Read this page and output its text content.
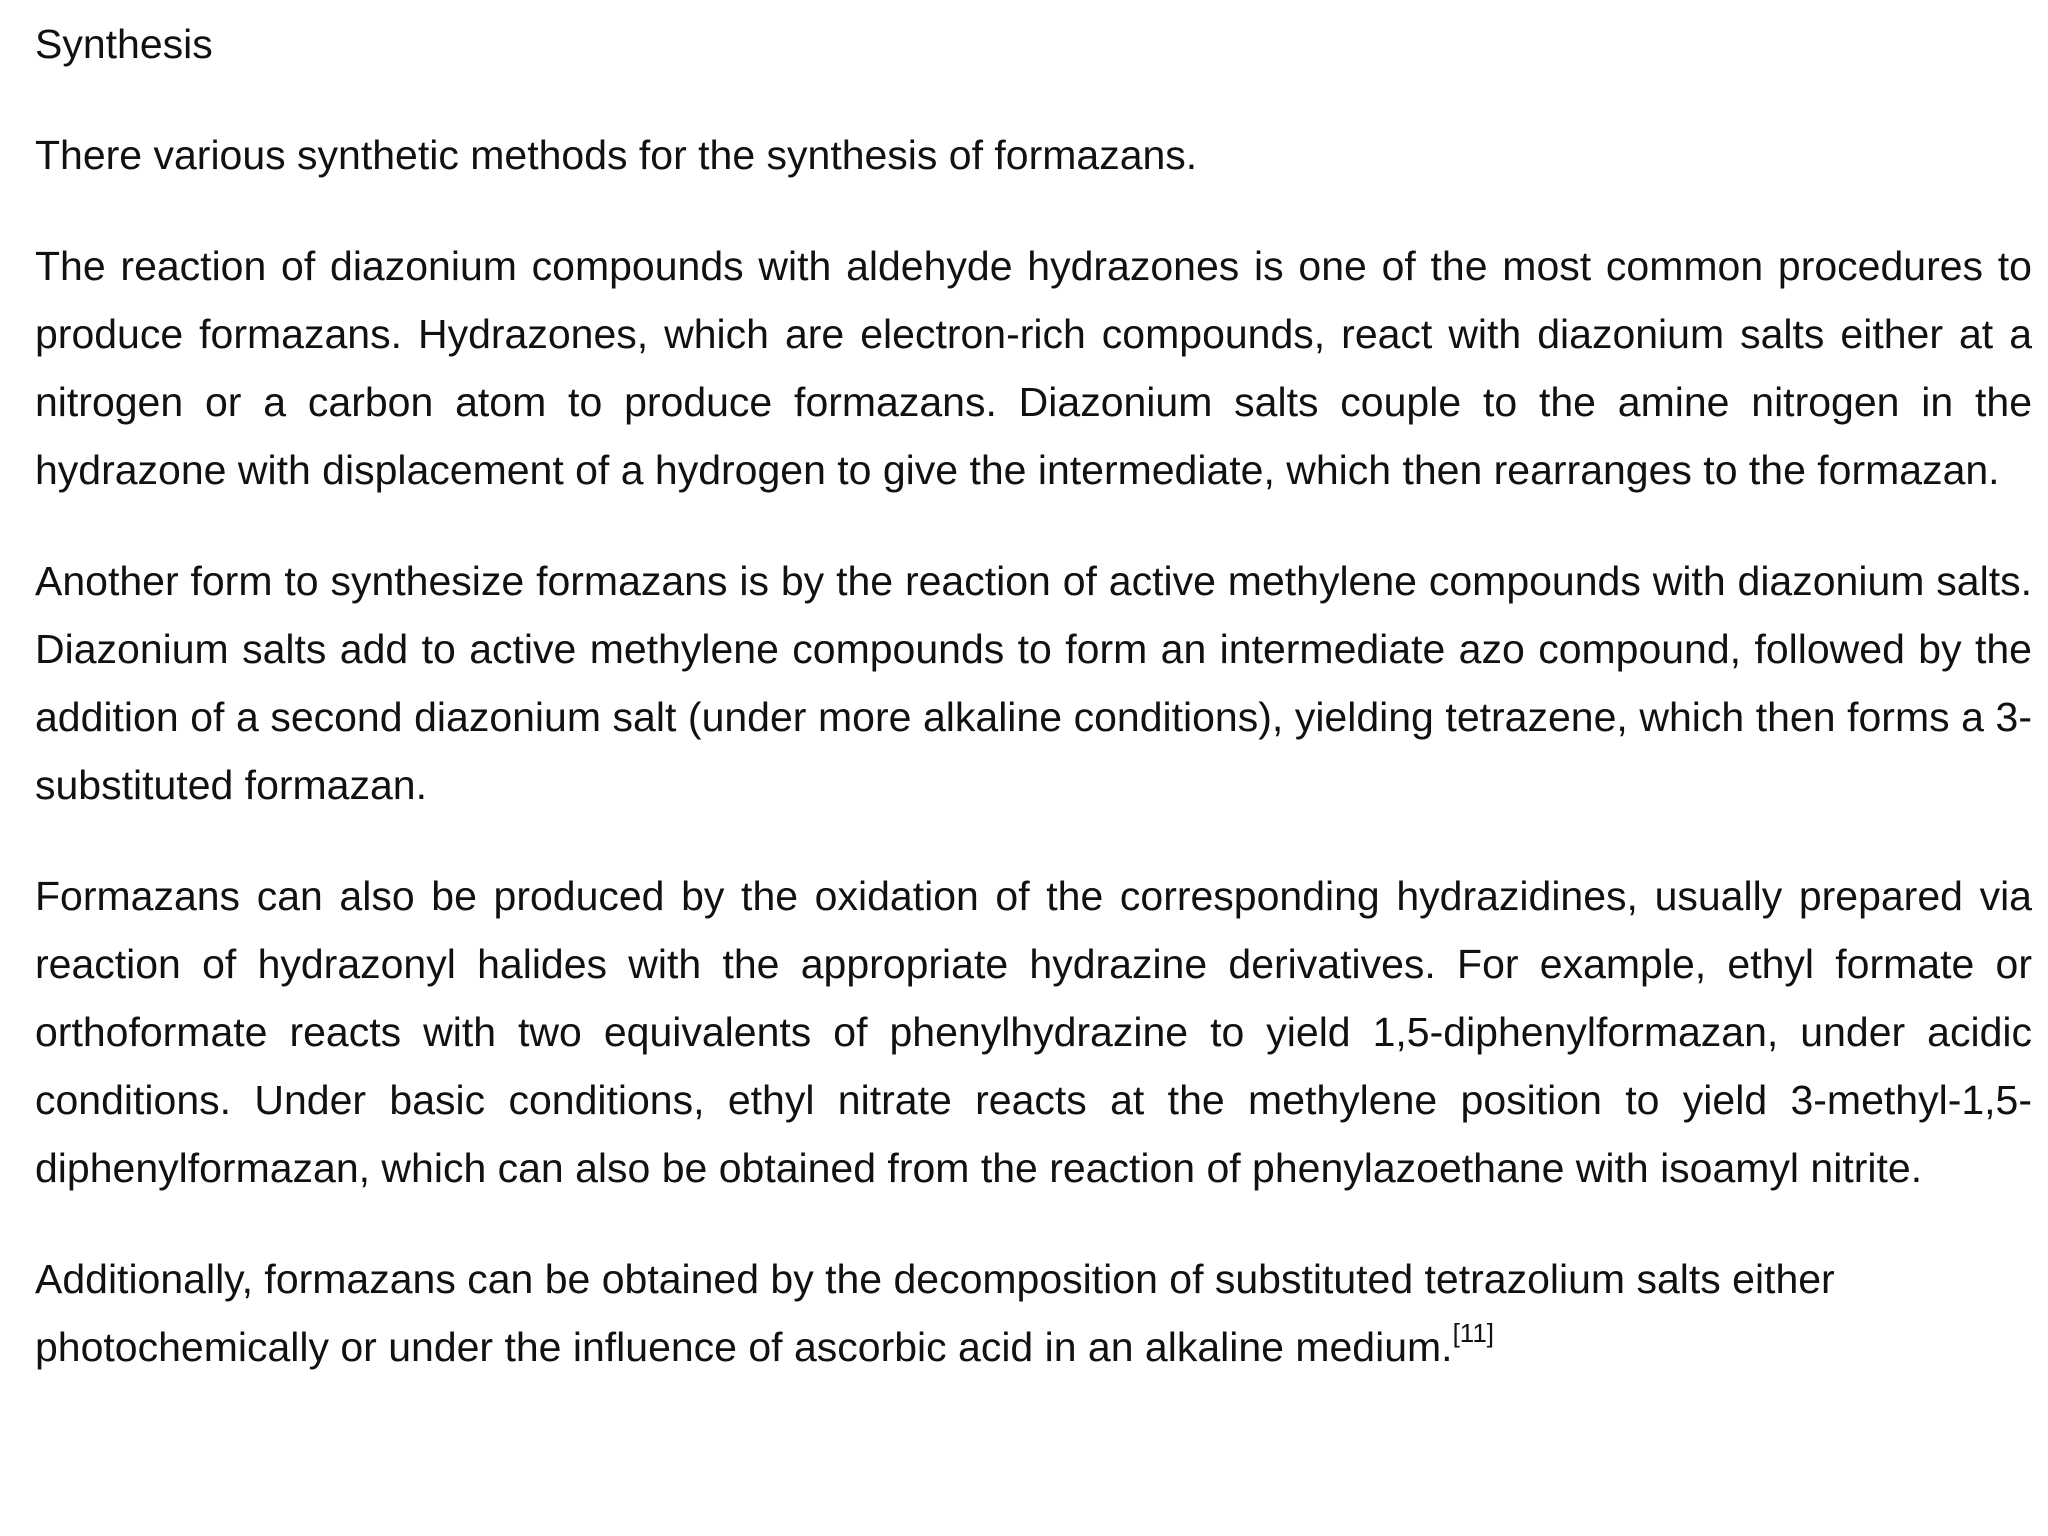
Synthesis

There various synthetic methods for the synthesis of formazans.

The reaction of diazonium compounds with aldehyde hydrazones is one of the most common procedures to produce formazans. Hydrazones, which are electron-rich compounds, react with diazonium salts either at a nitrogen or a carbon atom to produce formazans. Diazonium salts couple to the amine nitrogen in the hydrazone with displacement of a hydrogen to give the intermediate, which then rearranges to the formazan.

Another form to synthesize formazans is by the reaction of active methylene compounds with diazonium salts. Diazonium salts add to active methylene compounds to form an intermediate azo compound, followed by the addition of a second diazonium salt (under more alkaline conditions), yielding tetrazene, which then forms a 3-substituted formazan.

Formazans can also be produced by the oxidation of the corresponding hydrazidines, usually prepared via reaction of hydrazonyl halides with the appropriate hydrazine derivatives. For example, ethyl formate or orthoformate reacts with two equivalents of phenylhydrazine to yield 1,5-diphenylformazan, under acidic conditions. Under basic conditions, ethyl nitrate reacts at the methylene position to yield 3-methyl-1,5-diphenylformazan, which can also be obtained from the reaction of phenylazoethane with isoamyl nitrite.

Additionally, formazans can be obtained by the decomposition of substituted tetrazolium salts either photochemically or under the influence of ascorbic acid in an alkaline medium.[11]
